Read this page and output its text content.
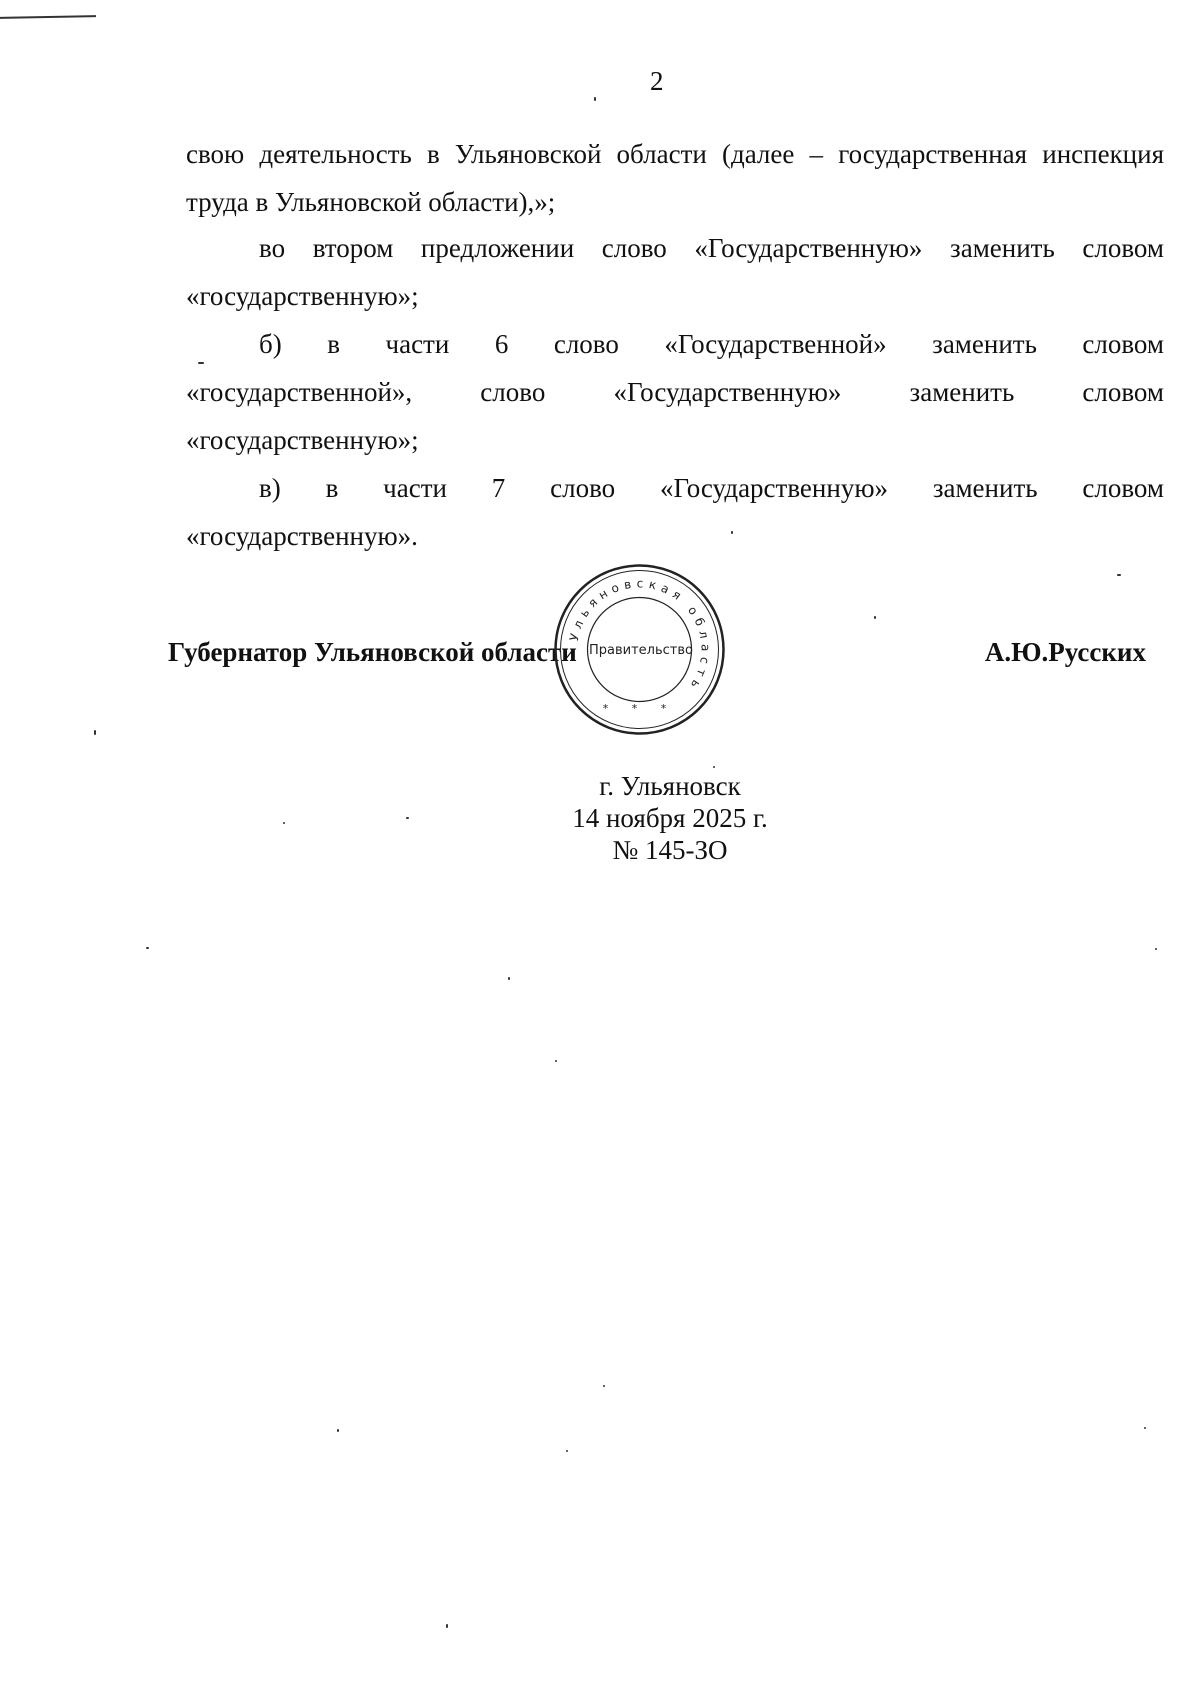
2

свою деятельность в Ульяновской области (далее – государственная инспекция

труда в Ульяновской области),»;

во втором предложении слово «Государственную» заменить словом

«государственную»;

б) в части 6 слово «Государственной» заменить словом

«государственной», слово «Государственную» заменить словом

«государственную»;

в) в части 7 слово «Государственную» заменить словом

«государственную».

Губернатор Ульяновской области	А.Ю.Русских
Ульяновская область
Правительство
* * *
г. Ульяновск
14 ноября 2025 г.
№ 145-ЗО
